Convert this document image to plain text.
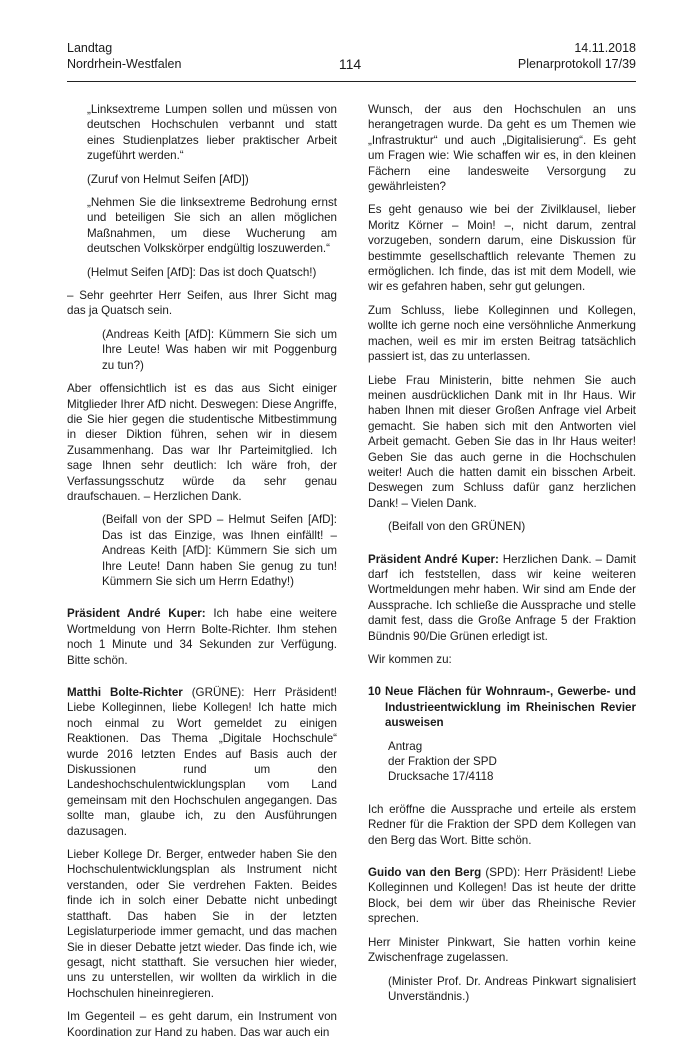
Landtag
Nordrhein-Westfalen	114
14.11.2018
Plenarprotokoll 17/39

„Linksextreme Lumpen sollen und müssen von deutschen Hochschulen verbannt und statt eines Studienplatzes lieber praktischer Arbeit zugeführt werden.“

(Zuruf von Helmut Seifen [AfD])

„Nehmen Sie die linksextreme Bedrohung ernst und beteiligen Sie sich an allen möglichen Maßnahmen, um diese Wucherung am deutschen Volkskörper endgültig loszuwerden.“

(Helmut Seifen [AfD]: Das ist doch Quatsch!)

– Sehr geehrter Herr Seifen, aus Ihrer Sicht mag das ja Quatsch sein.

(Andreas Keith [AfD]: Kümmern Sie sich um Ihre Leute! Was haben wir mit Poggenburg zu tun?)

Aber offensichtlich ist es das aus Sicht einiger Mitglieder Ihrer AfD nicht. Deswegen: Diese Angriffe, die Sie hier gegen die studentische Mitbestimmung in dieser Diktion führen, sehen wir in diesem Zusammenhang. Das war Ihr Parteimitglied. Ich sage Ihnen sehr deutlich: Ich wäre froh, der Verfassungsschutz würde da sehr genau draufschauen. – Herzlichen Dank.

(Beifall von der SPD – Helmut Seifen [AfD]: Das ist das Einzige, was Ihnen einfällt! – Andreas Keith [AfD]: Kümmern Sie sich um Ihre Leute! Dann haben Sie genug zu tun! Kümmern Sie sich um Herrn Edathy!)

Präsident André Kuper: Ich habe eine weitere Wortmeldung von Herrn Bolte-Richter. Ihm stehen noch 1 Minute und 34 Sekunden zur Verfügung. Bitte schön.

Matthi Bolte-Richter (GRÜNE): Herr Präsident! Liebe Kolleginnen, liebe Kollegen! Ich hatte mich noch einmal zu Wort gemeldet zu einigen Reaktionen. Das Thema „Digitale Hochschule“ wurde 2016 letzten Endes auf Basis auch der Diskussionen rund um den Landeshochschulentwicklungsplan vom Land gemeinsam mit den Hochschulen angegangen. Das sollte man, glaube ich, zu den Ausführungen dazusagen.

Lieber Kollege Dr. Berger, entweder haben Sie den Hochschulentwicklungsplan als Instrument nicht verstanden, oder Sie verdrehen Fakten. Beides finde ich in solch einer Debatte nicht unbedingt statthaft. Das haben Sie in der letzten Legislaturperiode immer gemacht, und das machen Sie in dieser Debatte jetzt wieder. Das finde ich, wie gesagt, nicht statthaft. Sie versuchen hier wieder, uns zu unterstellen, wir wollten da wirklich in die Hochschulen hineinregieren.

Im Gegenteil – es geht darum, ein Instrument von Koordination zur Hand zu haben. Das war auch ein

Wunsch, der aus den Hochschulen an uns herangetragen wurde. Da geht es um Themen wie „Infrastruktur“ und auch „Digitalisierung“. Es geht um Fragen wie: Wie schaffen wir es, in den kleinen Fächern eine landesweite Versorgung zu gewährleisten?

Es geht genauso wie bei der Zivilklausel, lieber Moritz Körner – Moin! –, nicht darum, zentral vorzugeben, sondern darum, eine Diskussion für bestimmte gesellschaftlich relevante Themen zu ermöglichen. Ich finde, das ist mit dem Modell, wie wir es gefahren haben, sehr gut gelungen.

Zum Schluss, liebe Kolleginnen und Kollegen, wollte ich gerne noch eine versöhnliche Anmerkung machen, weil es mir im ersten Beitrag tatsächlich passiert ist, das zu unterlassen.

Liebe Frau Ministerin, bitte nehmen Sie auch meinen ausdrücklichen Dank mit in Ihr Haus. Wir haben Ihnen mit dieser Großen Anfrage viel Arbeit gemacht. Sie haben sich mit den Antworten viel Arbeit gemacht. Geben Sie das in Ihr Haus weiter! Geben Sie das auch gerne in die Hochschulen weiter! Auch die hatten damit ein bisschen Arbeit. Deswegen zum Schluss dafür ganz herzlichen Dank! – Vielen Dank.

(Beifall von den GRÜNEN)

Präsident André Kuper: Herzlichen Dank. – Damit darf ich feststellen, dass wir keine weiteren Wortmeldungen mehr haben. Wir sind am Ende der Aussprache. Ich schließe die Aussprache und stelle damit fest, dass die Große Anfrage 5 der Fraktion Bündnis 90/Die Grünen erledigt ist.

Wir kommen zu:

10 Neue Flächen für Wohnraum-, Gewerbe- und Industrieentwicklung im Rheinischen Revier ausweisen

Antrag
der Fraktion der SPD
Drucksache 17/4118

Ich eröffne die Aussprache und erteile als erstem Redner für die Fraktion der SPD dem Kollegen van den Berg das Wort. Bitte schön.

Guido van den Berg (SPD): Herr Präsident! Liebe Kolleginnen und Kollegen! Das ist heute der dritte Block, bei dem wir über das Rheinische Revier sprechen.

Herr Minister Pinkwart, Sie hatten vorhin keine Zwischenfrage zugelassen.

(Minister Prof. Dr. Andreas Pinkwart signalisiert Unverständnis.)
